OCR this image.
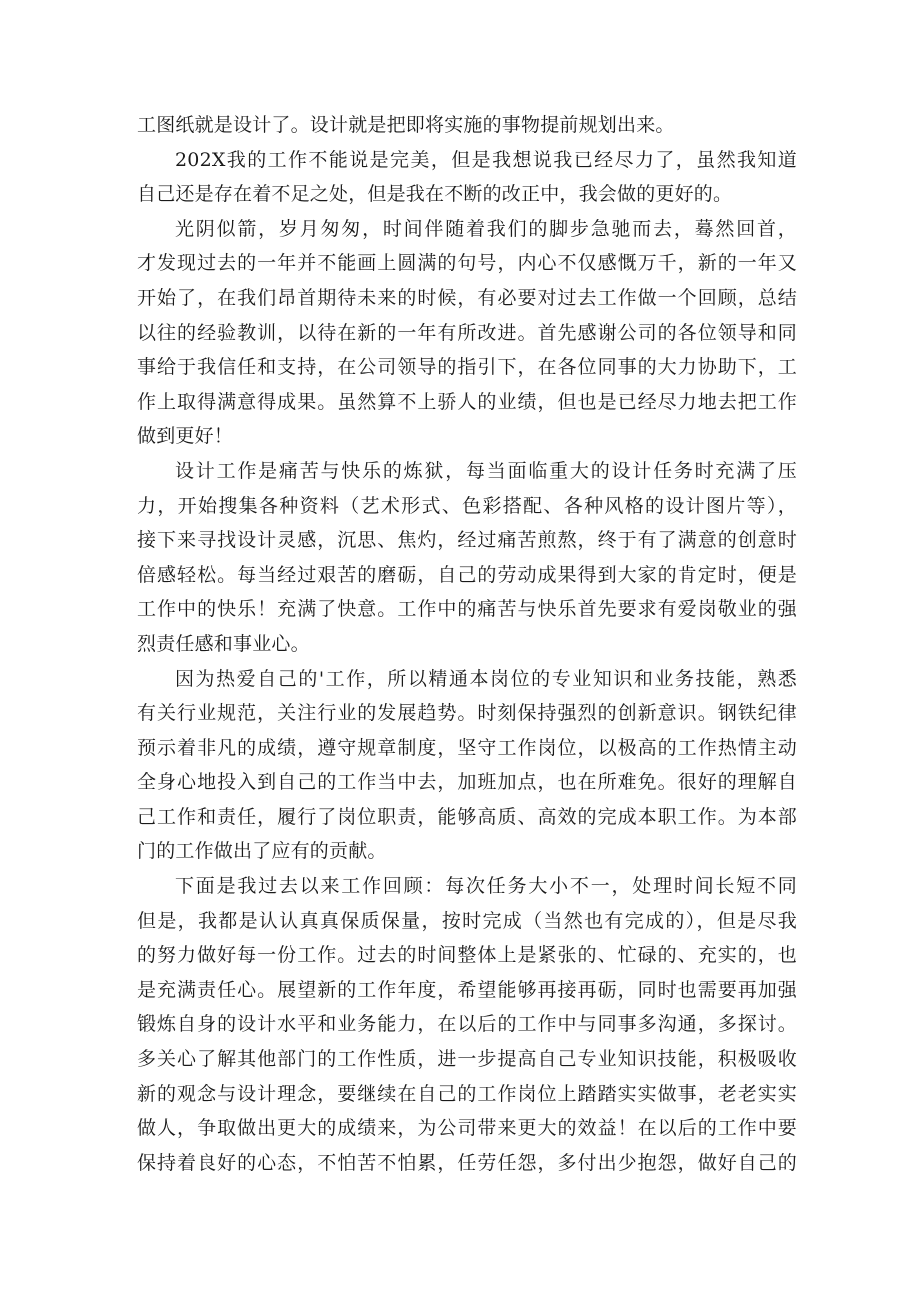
工图纸就是设计了。设计就是把即将实施的事物提前规划出来。
202X我的工作不能说是完美，但是我想说我已经尽力了，虽然我知道
自己还是存在着不足之处，但是我在不断的改正中，我会做的更好的。
光阴似箭，岁月匆匆，时间伴随着我们的脚步急驰而去，蓦然回首，
才发现过去的一年并不能画上圆满的句号，内心不仅感慨万千，新的一年又
开始了，在我们昂首期待未来的时候，有必要对过去工作做一个回顾，总结
以往的经验教训，以待在新的一年有所改进。首先感谢公司的各位领导和同
事给于我信任和支持，在公司领导的指引下，在各位同事的大力协助下，工
作上取得满意得成果。虽然算不上骄人的业绩，但也是已经尽力地去把工作
做到更好！
设计工作是痛苦与快乐的炼狱，每当面临重大的设计任务时充满了压
力，开始搜集各种资料（艺术形式、色彩搭配、各种风格的设计图片等），
接下来寻找设计灵感，沉思、焦灼，经过痛苦煎熬，终于有了满意的创意时
倍感轻松。每当经过艰苦的磨砺，自己的劳动成果得到大家的肯定时，便是
工作中的快乐！充满了快意。工作中的痛苦与快乐首先要求有爱岗敬业的强
烈责任感和事业心。
因为热爱自己的'工作，所以精通本岗位的专业知识和业务技能，熟悉
有关行业规范，关注行业的发展趋势。时刻保持强烈的创新意识。钢铁纪律
预示着非凡的成绩，遵守规章制度，坚守工作岗位，以极高的工作热情主动
全身心地投入到自己的工作当中去，加班加点，也在所难免。很好的理解自
己工作和责任，履行了岗位职责，能够高质、高效的完成本职工作。为本部
门的工作做出了应有的贡献。
下面是我过去以来工作回顾：每次任务大小不一，处理时间长短不同
但是，我都是认认真真保质保量，按时完成（当然也有完成的），但是尽我
的努力做好每一份工作。过去的时间整体上是紧张的、忙碌的、充实的，也
是充满责任心。展望新的工作年度，希望能够再接再砺，同时也需要再加强
锻炼自身的设计水平和业务能力，在以后的工作中与同事多沟通，多探讨。
多关心了解其他部门的工作性质，进一步提高自己专业知识技能，积极吸收
新的观念与设计理念，要继续在自己的工作岗位上踏踏实实做事，老老实实
做人，争取做出更大的成绩来，为公司带来更大的效益！在以后的工作中要
保持着良好的心态，不怕苦不怕累，任劳任怨，多付出少抱怨，做好自己的
